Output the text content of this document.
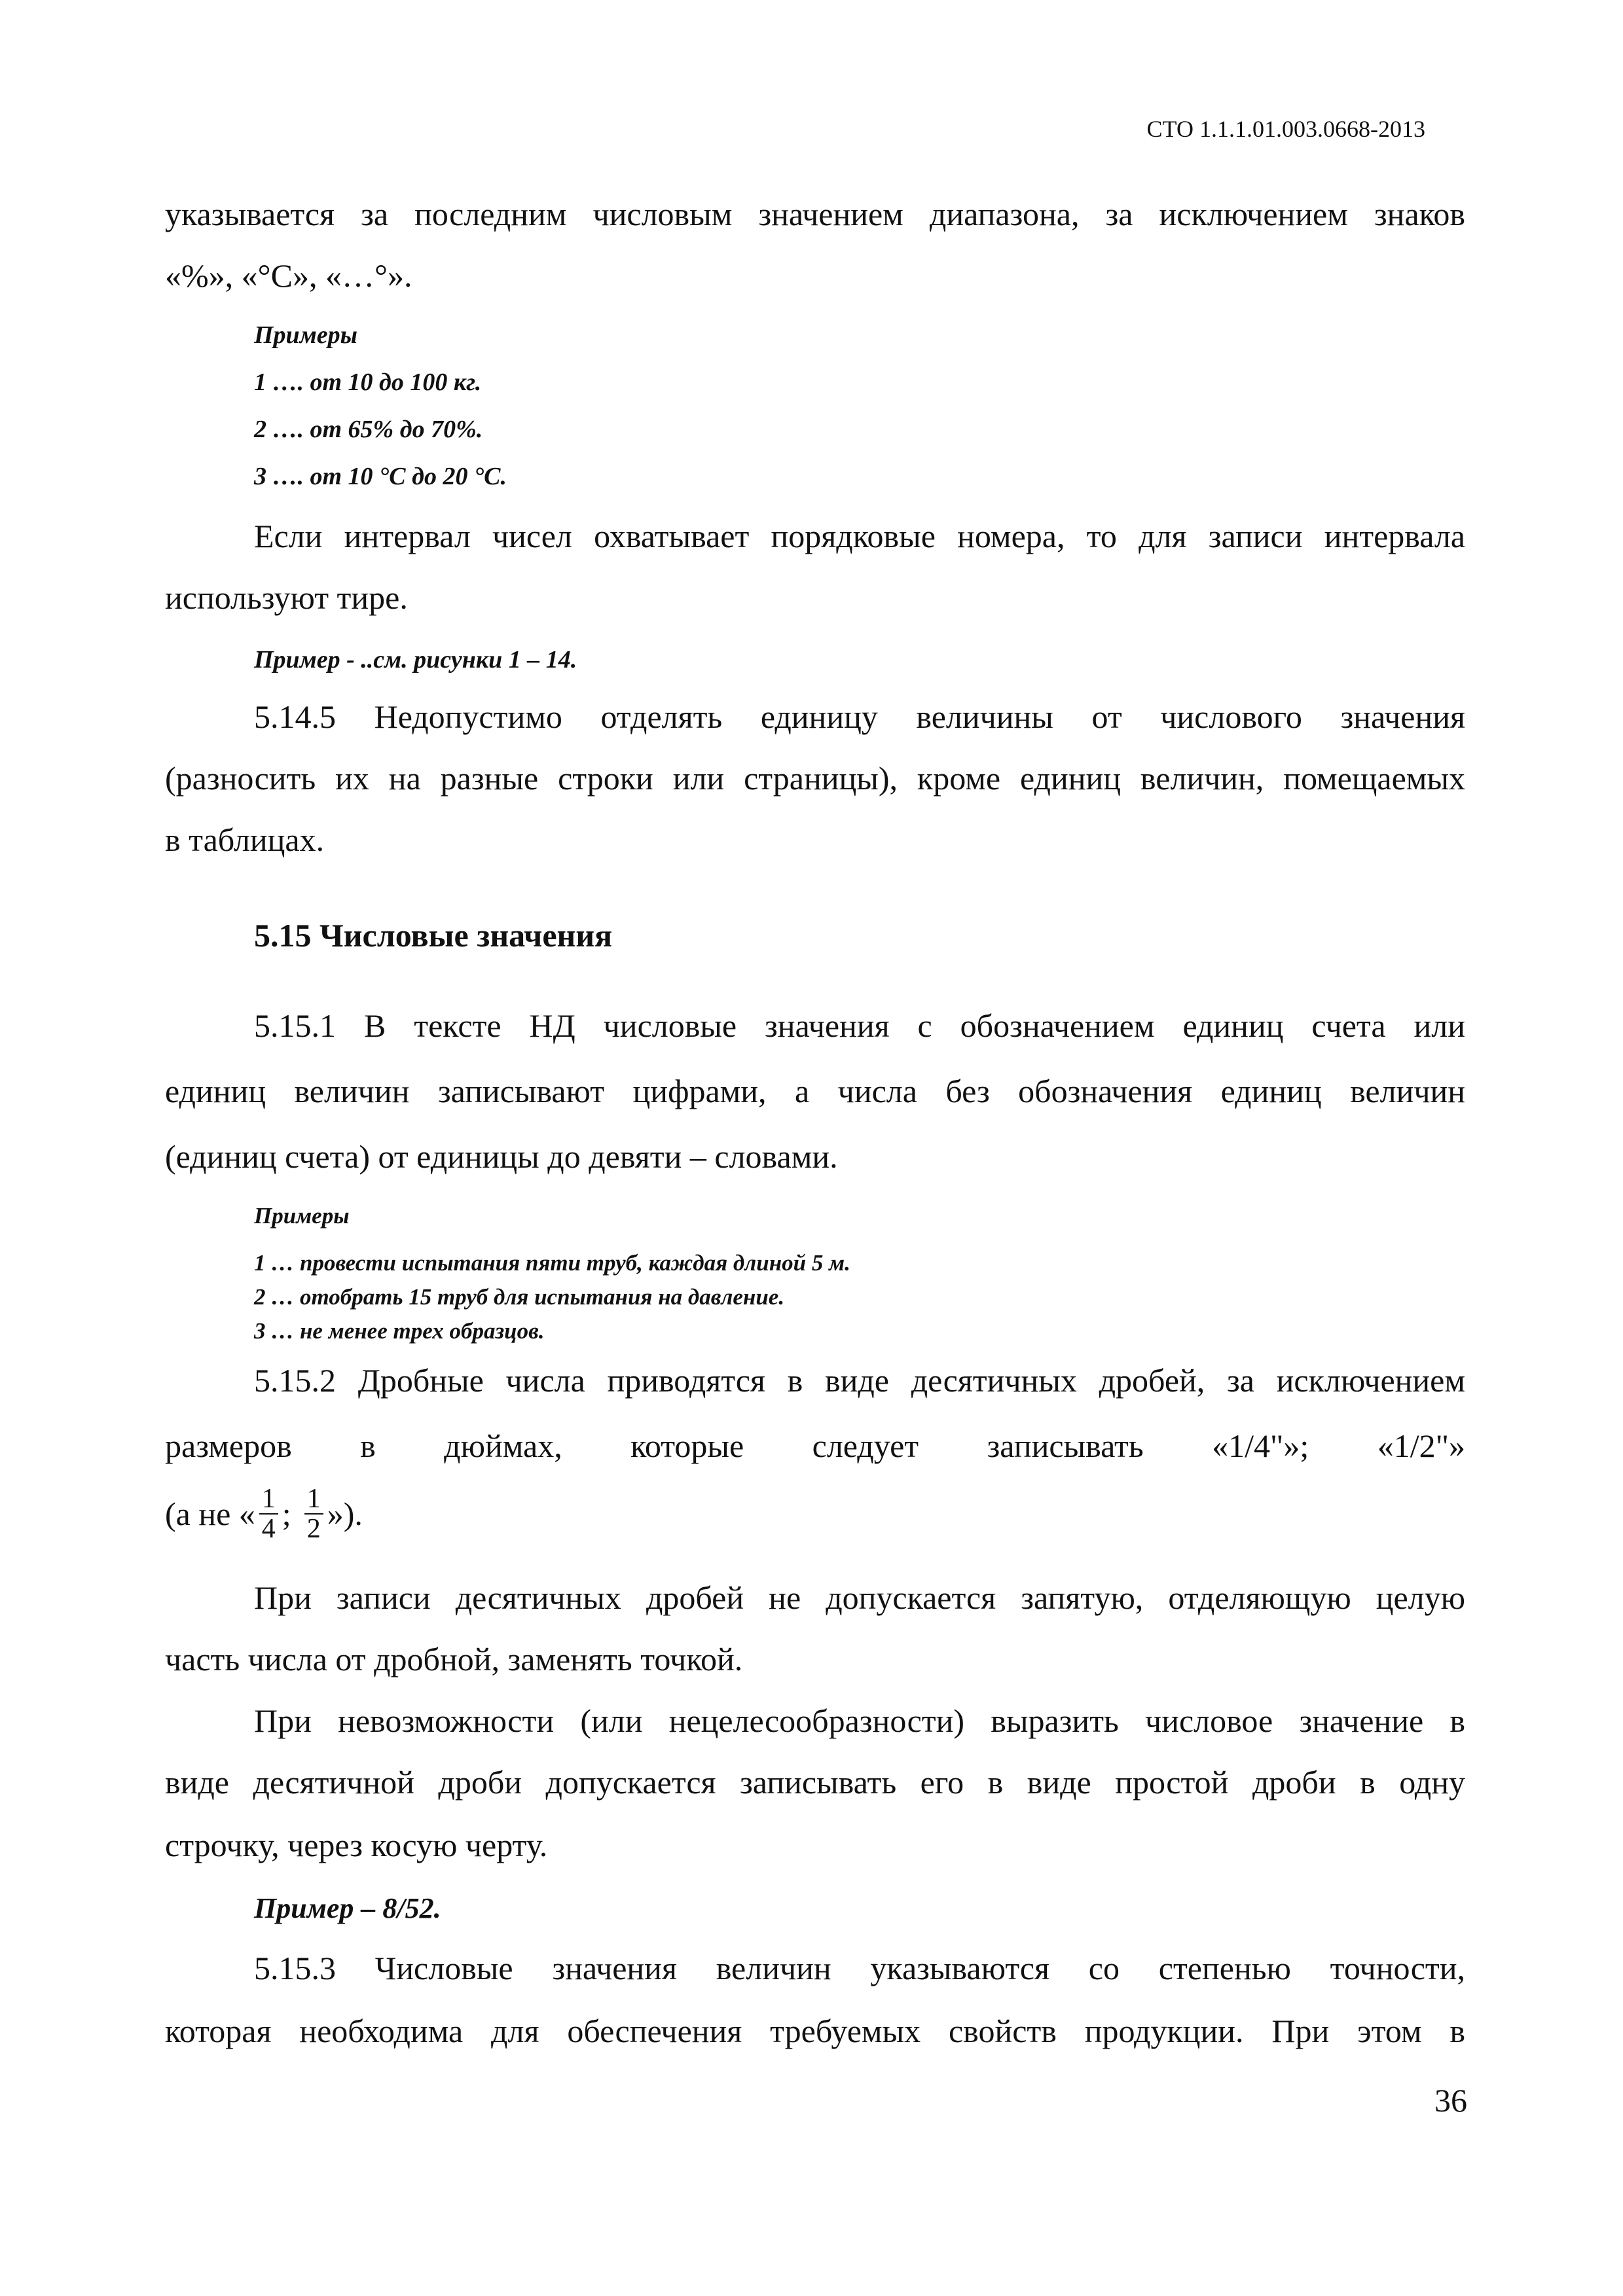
СТО 1.1.1.01.003.0668-2013
указывается за последним числовым значением диапазона, за исключением знаков
«%», «°С», «…°».
Примеры
1 …. от 10 до 100 кг.
2 …. от 65% до 70%.
3 …. от 10 °С до 20 °С.
Если интервал чисел охватывает порядковые номера, то для записи интервала
используют тире.
Пример - ..см. рисунки 1 – 14.
5.14.5 Недопустимо отделять единицу величины от числового значения
(разносить их на разные строки или страницы), кроме единиц величин, помещаемых
в таблицах.
5.15 Числовые значения
5.15.1 В тексте НД числовые значения с обозначением единиц счета или
единиц величин записывают цифрами, а числа без обозначения единиц величин
(единиц счета) от единицы до девяти – словами.
Примеры
1 … провести испытания пяти труб, каждая длиной 5 м.
2 … отобрать 15 труб для испытания на давление.
3 … не менее трех образцов.
5.15.2 Дробные числа приводятся в виде десятичных дробей, за исключением
размеров в дюймах, которые следует записывать «1/4"»; «1/2"»
(а не « $\frac{1}{4}$ ; $\frac{1}{2}$ »).
При записи десятичных дробей не допускается запятую, отделяющую целую
часть числа от дробной, заменять точкой.
При невозможности (или нецелесообразности) выразить числовое значение в
виде десятичной дроби допускается записывать его в виде простой дроби в одну
строчку, через косую черту.
Пример – 8/52.
5.15.3 Числовые значения величин указываются со степенью точности,
которая необходима для обеспечения требуемых свойств продукции. При этом в
36
